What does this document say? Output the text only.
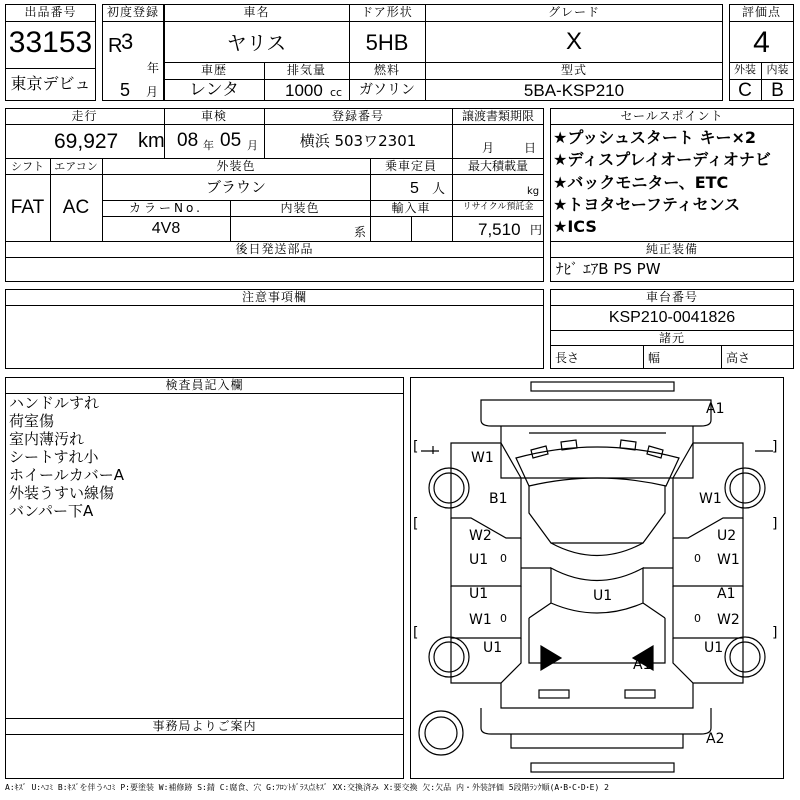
出品番号
33153
東京デビュ
初度登録
R
3
年
5 月
車名
ヤリス
ドア形状
5HB
グレード
X
車歴
レンタ
排気量
1000 cc
燃料
ガソリン
型式
5BA-KSP210
評価点
4
外装 内装
C	B
走行
69,927 km
車検
08 年 05 月
登録番号
横浜 503ワ2301
譲渡書類期限
月 日
シフト エアコン
FAT AC
外装色
ブラウン
乗車定員
5 人
最大積載量
kg
カラーNo.
4V8
内装色
系
輸入車	リサイクル預託金
7,510 円
後日発送部品
セールスポイント
★プッシュスタート キー×2
★ディスプレイオーディオナビ
★バックモニター、ETC
★トヨタセーフティセンス
★ICS
純正装備
ﾅﾋﾞ ｴｱB PS PW
注意事項欄	車台番号
KSP210-0041826
諸元
長さ	幅	高さ
検査員記入欄
ハンドルすれ
荷室傷
室内薄汚れ
シートすれ小
ホイールカバーA
外装うすい線傷
バンパー下A
事務局よりご案内
A1
[	]
W1
B1	W1
[	]
W2	U2
U1 0	0 W1
U1	A1
U1
W1 0	0 W2
[	]
U1	U1
A1
A2
A:ｷｽﾞ U:ﾍｺﾐ B:ｷｽﾞを伴うﾍｺﾐ P:要塗装 W:補修跡 S:錆 C:腐食、穴 G:ﾌﾛﾝﾄｶﾞﾗｽ点ｷｽﾞ XX:交換済み X:要交換 欠:欠品 内・外装評価 5段階ﾗﾝｸ順(A･B･C･D･E) 2
